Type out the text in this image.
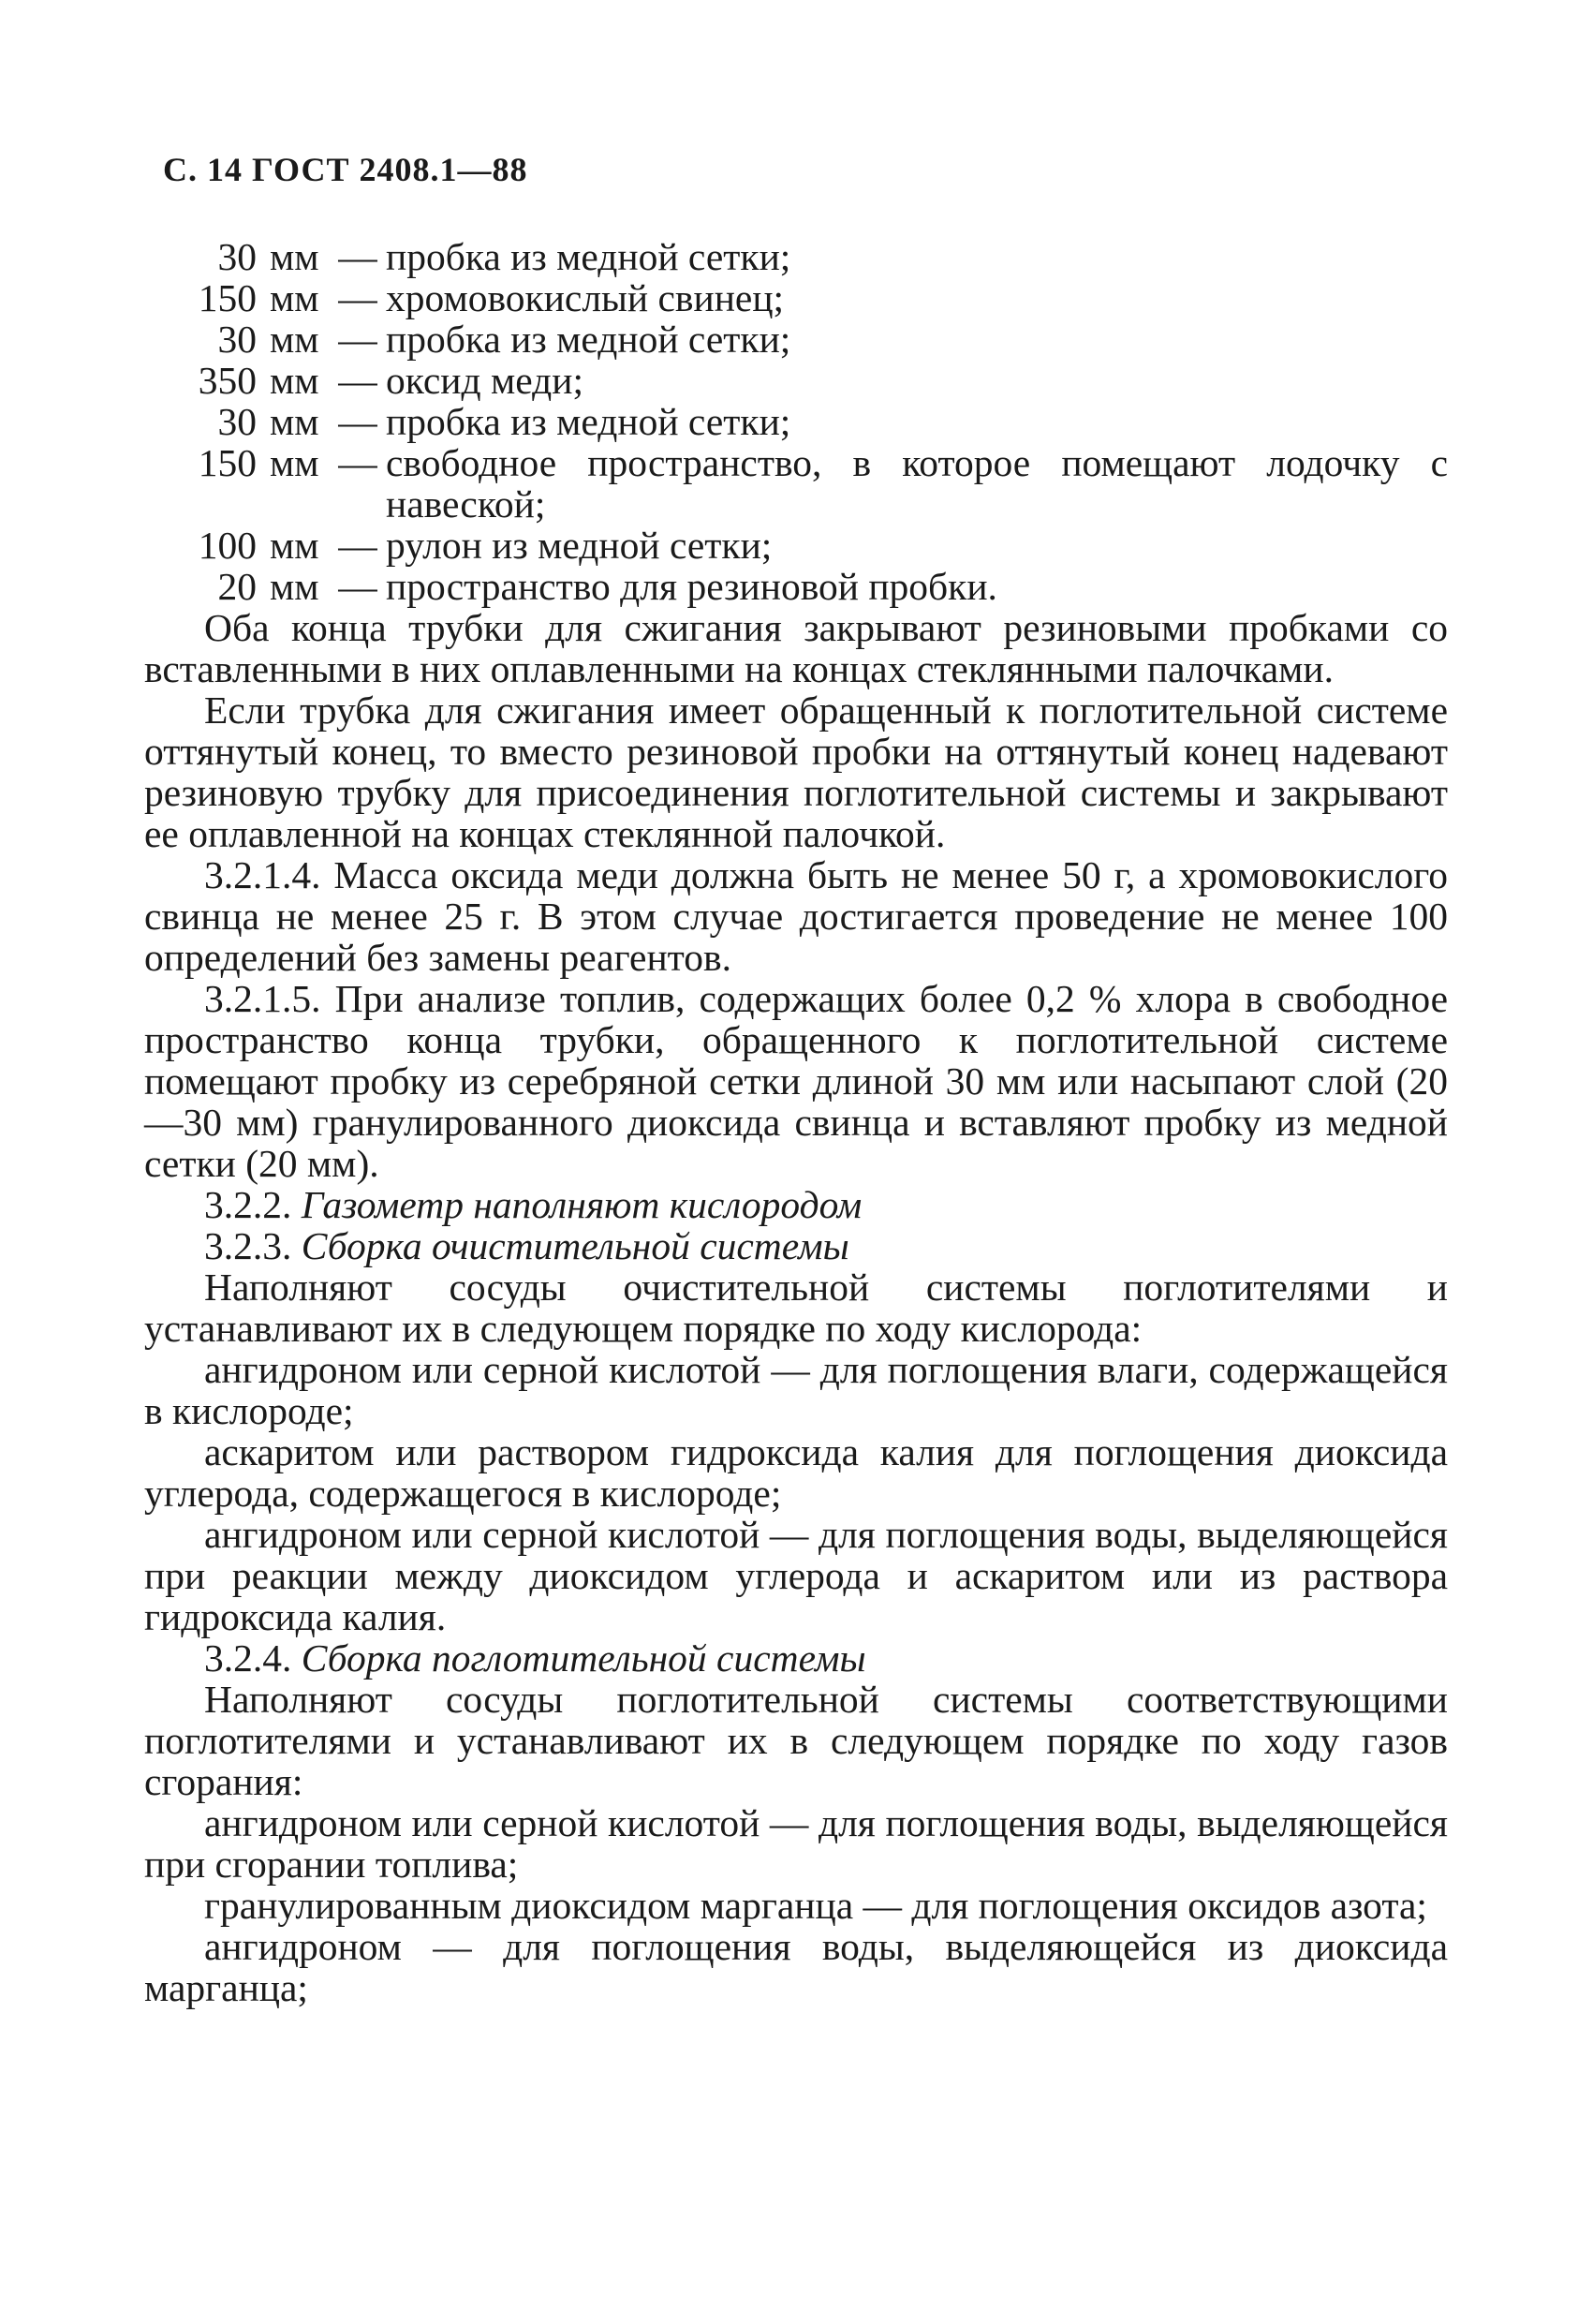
С. 14 ГОСТ 2408.1—88
30 мм — пробка из медной сетки;
150 мм — хромовокислый свинец;
30 мм — пробка из медной сетки;
350 мм — оксид меди;
30 мм — пробка из медной сетки;
150 мм — свободное пространство, в которое помещают лодочку с навеской;
100 мм — рулон из медной сетки;
20 мм — пространство для резиновой пробки.
Оба конца трубки для сжигания закрывают резиновыми пробками со вставленными в них оплавленными на концах стеклянными палочками.
Если трубка для сжигания имеет обращенный к поглотительной системе оттянутый конец, то вместо резиновой пробки на оттянутый конец надевают резиновую трубку для присоединения поглотительной системы и закрывают ее оплавленной на концах стеклянной палочкой.
3.2.1.4. Масса оксида меди должна быть не менее 50 г, а хромовокислого свинца не менее 25 г. В этом случае достигается проведение не менее 100 определений без замены реагентов.
3.2.1.5. При анализе топлив, содержащих более 0,2 % хлора в свободное пространство конца трубки, обращенного к поглотительной системе помещают пробку из серебряной сетки длиной 30 мм или насыпают слой (20—30 мм) гранулированного диоксида свинца и вставляют пробку из медной сетки (20 мм).
3.2.2. Газометр наполняют кислородом
3.2.3. Сборка очистительной системы
Наполняют сосуды очистительной системы поглотителями и устанавливают их в следующем порядке по ходу кислорода:
ангидроном или серной кислотой — для поглощения влаги, содержащейся в кислороде;
аскаритом или раствором гидроксида калия для поглощения диоксида углерода, содержащегося в кислороде;
ангидроном или серной кислотой — для поглощения воды, выделяющейся при реакции между диоксидом углерода и аскаритом или из раствора гидроксида калия.
3.2.4. Сборка поглотительной системы
Наполняют сосуды поглотительной системы соответствующими поглотителями и устанавливают их в следующем порядке по ходу газов сгорания:
ангидроном или серной кислотой — для поглощения воды, выделяющейся при сгорании топлива;
гранулированным диоксидом марганца — для поглощения оксидов азота;
ангидроном — для поглощения воды, выделяющейся из диоксида марганца;
